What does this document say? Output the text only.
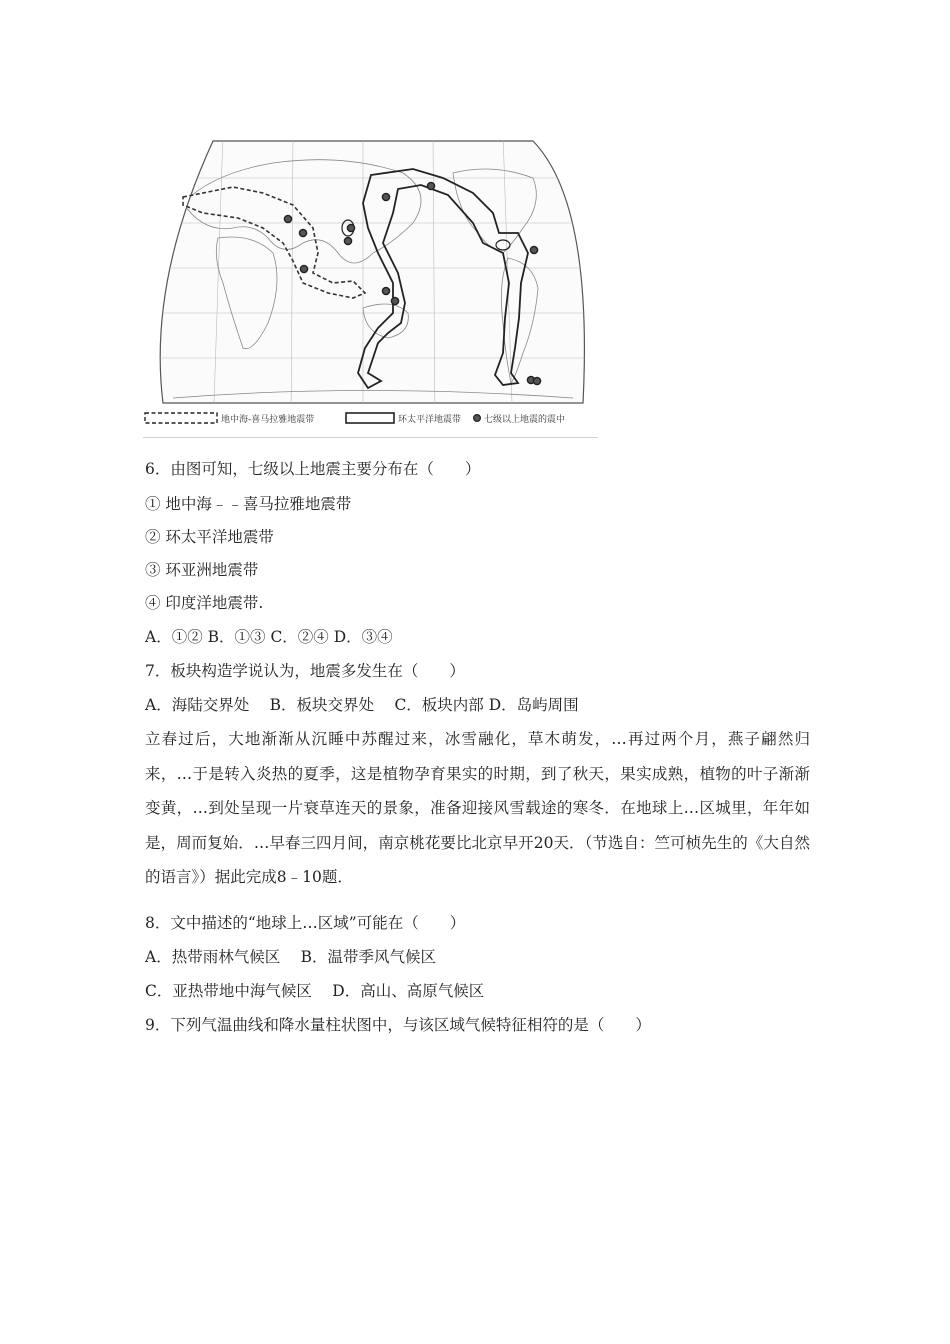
地中海-喜马拉雅地震带	环太平洋地震带	七级以上地震的震中
6．由图可知，七级以上地震主要分布在（　　）
① 地中海﹣﹣喜马拉雅地震带
② 环太平洋地震带
③ 环亚洲地震带
④ 印度洋地震带.
A．①② B．①③ C．②④ D．③④
7．板块构造学说认为，地震多发生在（　　）
A．海陆交界处　 B．板块交界处　 C．板块内部 D．岛屿周围
立春过后，大地渐渐从沉睡中苏醒过来，冰雪融化，草木萌发，…再过两个月，燕子翩然归来，…于是转入炎热的夏季，这是植物孕育果实的时期，到了秋天，果实成熟，植物的叶子渐渐变黄，…到处呈现一片衰草连天的景象，准备迎接风雪载途的寒冬．在地球上…区城里，年年如是，周而复始．…早春三四月间，南京桃花要比北京早开20天．（节选自：竺可桢先生的《大自然的语言》）据此完成8﹣10题．
8．文中描述的“地球上…区域”可能在（　　）
A．热带雨林气候区　 B．温带季风气候区
C．亚热带地中海气候区　 D．高山、高原气候区
9．下列气温曲线和降水量柱状图中，与该区域气候特征相符的是（　　）
